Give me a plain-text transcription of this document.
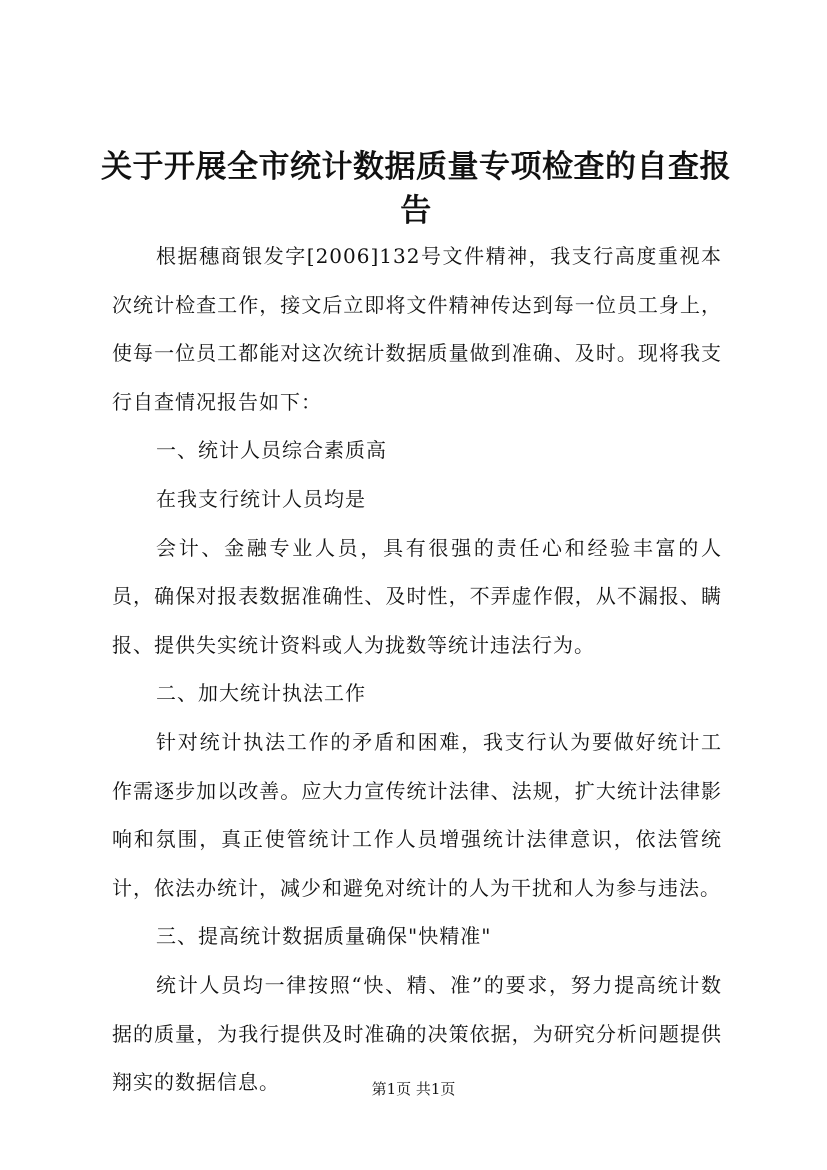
关于开展全市统计数据质量专项检查的自查报告

根据穗商银发字[2006]132号文件精神，我支行高度重视本次统计检查工作，接文后立即将文件精神传达到每一位员工身上，使每一位员工都能对这次统计数据质量做到准确、及时。现将我支行自查情况报告如下：

一、统计人员综合素质高

在我支行统计人员均是

会计、金融专业人员，具有很强的责任心和经验丰富的人员，确保对报表数据准确性、及时性，不弄虚作假，从不漏报、瞒报、提供失实统计资料或人为拢数等统计违法行为。

二、加大统计执法工作

针对统计执法工作的矛盾和困难，我支行认为要做好统计工作需逐步加以改善。应大力宣传统计法律、法规，扩大统计法律影响和氛围，真正使管统计工作人员增强统计法律意识，依法管统计，依法办统计，减少和避免对统计的人为干扰和人为参与违法。

三、提高统计数据质量确保"快精准"

统计人员均一律按照“快、精、准”的要求，努力提高统计数据的质量，为我行提供及时准确的决策依据，为研究分析问题提供翔实的数据信息。	第1页 共1页
